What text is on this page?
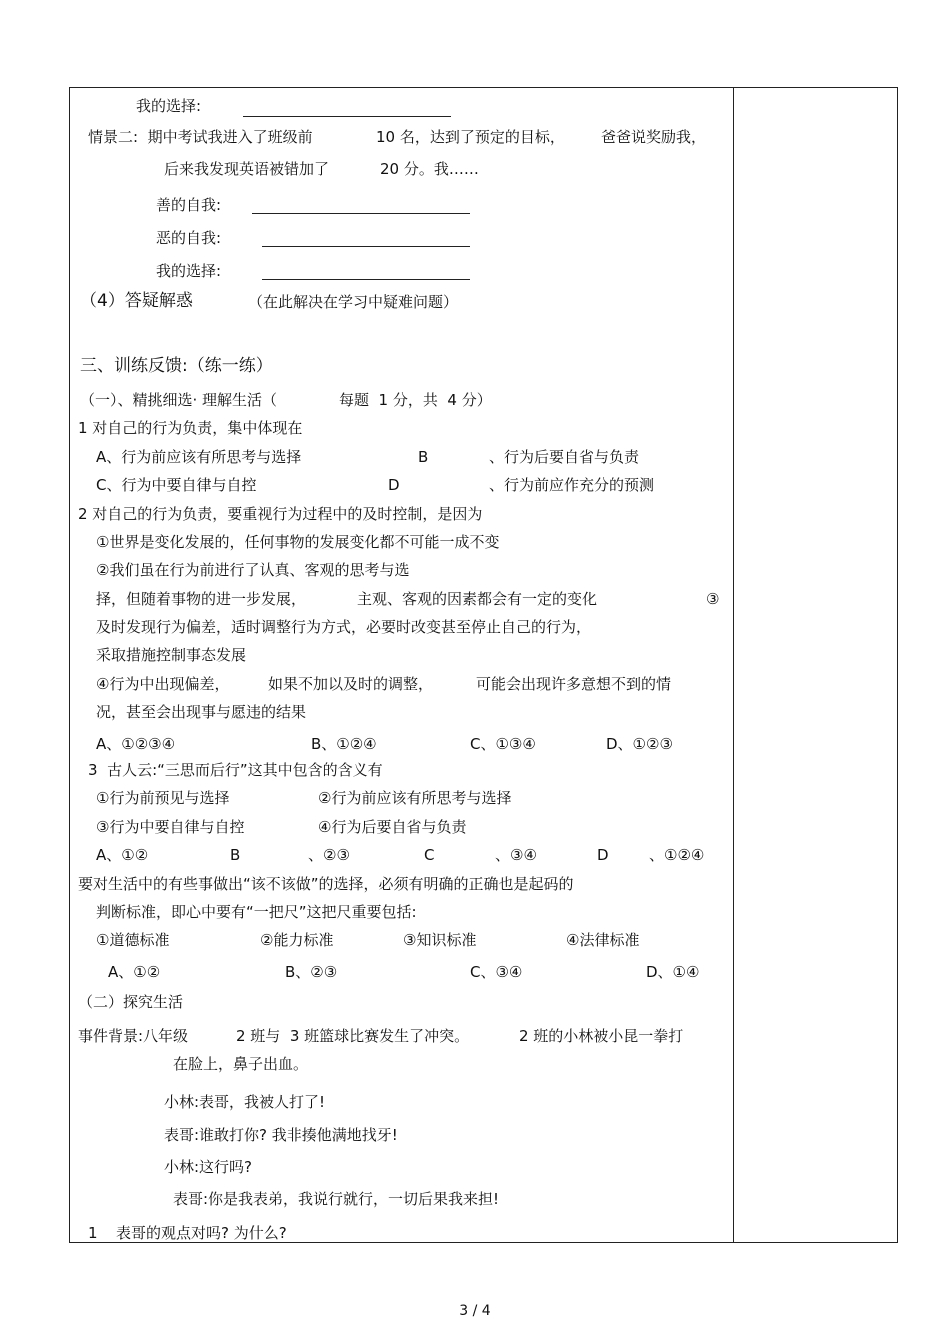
我的选择:
情景二:  期中考试我进入了班级前	10 名，达到了预定的目标， 爸爸说奖励我，
后来我发现英语被错加了	20 分。我……
善的自我:
恶的自我:
我的选择:
（4）答疑解惑	（在此解决在学习中疑难问题）
三、训练反馈:（练一练）
（一）、精挑细选· 理解生活（	每题  1 分，共  4 分）
1 对自己的行为负责，集中体现在
A、行为前应该有所思考与选择	B	、行为后要自省与负责
C、行为中要自律与自控	D	、行为前应作充分的预测
2 对自己的行为负责，要重视行为过程中的及时控制，是因为
①世界是变化发展的，任何事物的发展变化都不可能一成不变
②我们虽在行为前进行了认真、客观的思考与选
择，但随着事物的进一步发展，	主观、客观的因素都会有一定的变化	③
及时发现行为偏差，适时调整行为方式，必要时改变甚至停止自己的行为，
采取措施控制事态发展
④行为中出现偏差，	如果不加以及时的调整，	可能会出现许多意想不到的情
况，甚至会出现事与愿违的结果
A、①②③④	B、①②④	C、①③④	D、①②③
3  古人云:“三思而后行”这其中包含的含义有
①行为前预见与选择	②行为前应该有所思考与选择
③行为中要自律与自控	④行为后要自省与负责
A、①②	B	、②③	C	、③④	D	、①②④
要对生活中的有些事做出“该不该做”的选择，必须有明确的正确也是起码的
判断标准，即心中要有“一把尺”这把尺重要包括:
①道德标准	②能力标准	③知识标准	④法律标准
A、①②	B、②③	C、③④	D、①④
（二）探究生活
事件背景:八年级	2 班与  3 班篮球比赛发生了冲突。	2 班的小林被小昆一拳打
在脸上，鼻子出血。
小林:表哥，我被人打了!
表哥:谁敢打你? 我非揍他满地找牙!
小林:这行吗?
表哥:你是我表弟，我说行就行，一切后果我来担!
1 表哥的观点对吗? 为什么?
3 / 4
